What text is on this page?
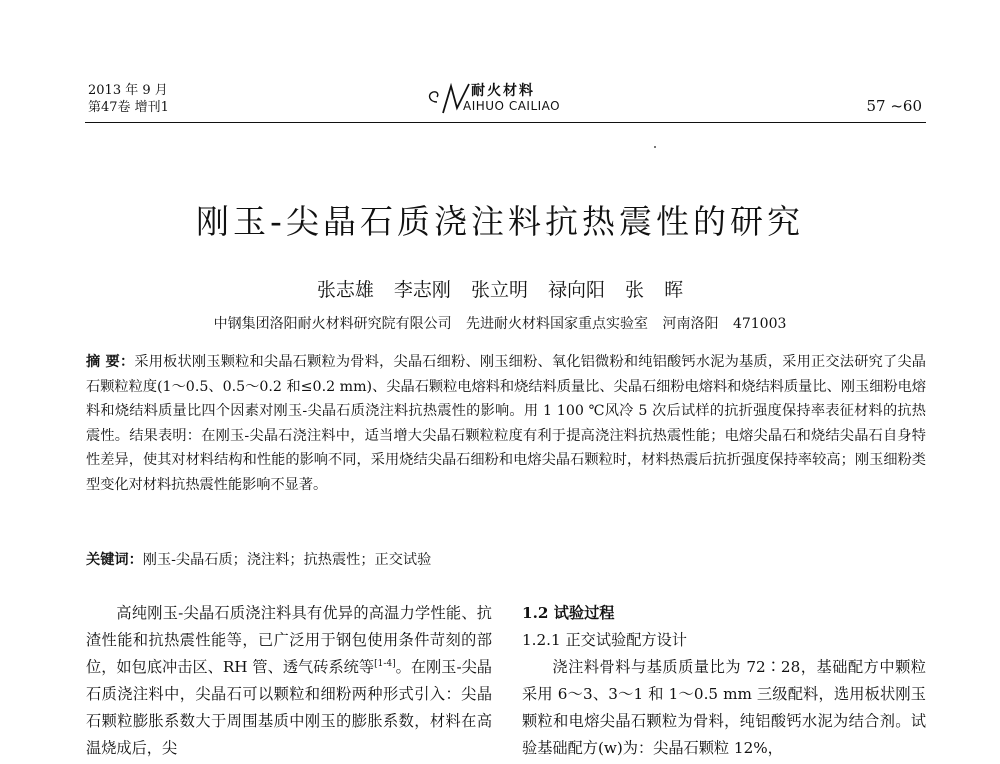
2013 年 9 月
第47卷 增刊1
耐火材料
AIHUO CAILIAO	57 ~60
刚玉-尖晶石质浇注料抗热震性的研究
张志雄 李志刚 张立明 禄向阳 张 晖
中钢集团洛阳耐火材料研究院有限公司 先进耐火材料国家重点实验室 河南洛阳 471003
摘 要：采用板状刚玉颗粒和尖晶石颗粒为骨料，尖晶石细粉、刚玉细粉、氧化铝微粉和纯铝酸钙水泥为基质，采用正交法研究了尖晶石颗粒粒度(1～0.5、0.5～0.2 和≤0.2 mm)、尖晶石颗粒电熔料和烧结料质量比、尖晶石细粉电熔料和烧结料质量比、刚玉细粉电熔料和烧结料质量比四个因素对刚玉-尖晶石质浇注料抗热震性的影响。用 1 100 ℃风冷 5 次后试样的抗折强度保持率表征材料的抗热震性。结果表明：在刚玉-尖晶石浇注料中，适当增大尖晶石颗粒粒度有利于提高浇注料抗热震性能；电熔尖晶石和烧结尖晶石自身特性差异，使其对材料结构和性能的影响不同，采用烧结尖晶石细粉和电熔尖晶石颗粒时，材料热震后抗折强度保持率较高；刚玉细粉类型变化对材料抗热震性能影响不显著。
关键词：刚玉-尖晶石质；浇注料；抗热震性；正交试验

高纯刚玉-尖晶石质浇注料具有优异的高温力学性能、抗渣性能和抗热震性能等，已广泛用于钢包使用条件苛刻的部位，如包底冲击区、RH 管、透气砖系统等[1-4]。在刚玉-尖晶石质浇注料中，尖晶石可以颗粒和细粉两种形式引入：尖晶石颗粒膨胀系数大于周围基质中刚玉的膨胀系数，材料在高温烧成后，尖

1.2 试验过程
1.2.1 正交试验配方设计

浇注料骨料与基质质量比为 72∶28，基础配方中颗粒采用 6～3、3～1 和 1～0.5 mm 三级配料，选用板状刚玉颗粒和电熔尖晶石颗粒为骨料，纯铝酸钙水泥为结合剂。试验基础配方(w)为：尖晶石颗粒 12%，
